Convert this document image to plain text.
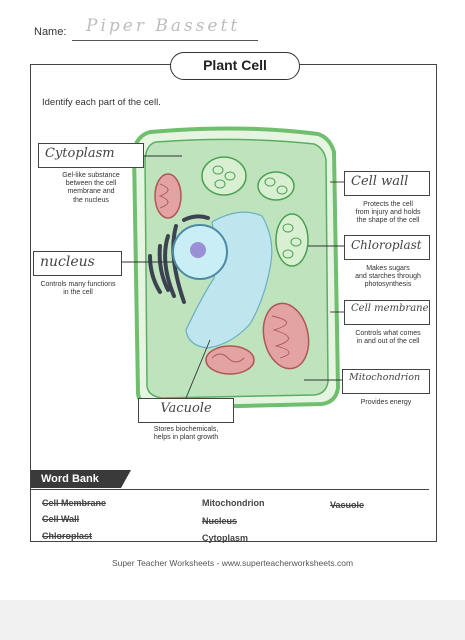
Name: Piper Bassett
Plant Cell
Identify each part of the cell.
Cytoplasm
Gel-like substance
between the cell
membrane and
the nucleus
nucleus
Controls many functions
in the cell
Cell wall
Protects the cell
from injury and holds
the shape of the cell
Chloroplast
Makes sugars
and starches through
photosynthesis
Cell membrane
Controls what comes
in and out of the cell
Mitochondrion
Provides energy
Vacuole
Stores biochemicals,
helps in plant growth
Word Bank
Cell Membrane
Cell Wall
Chloroplast
Mitochondrion
Nucleus
Cytoplasm
Vacuole
Super Teacher Worksheets - www.superteacherworksheets.com
